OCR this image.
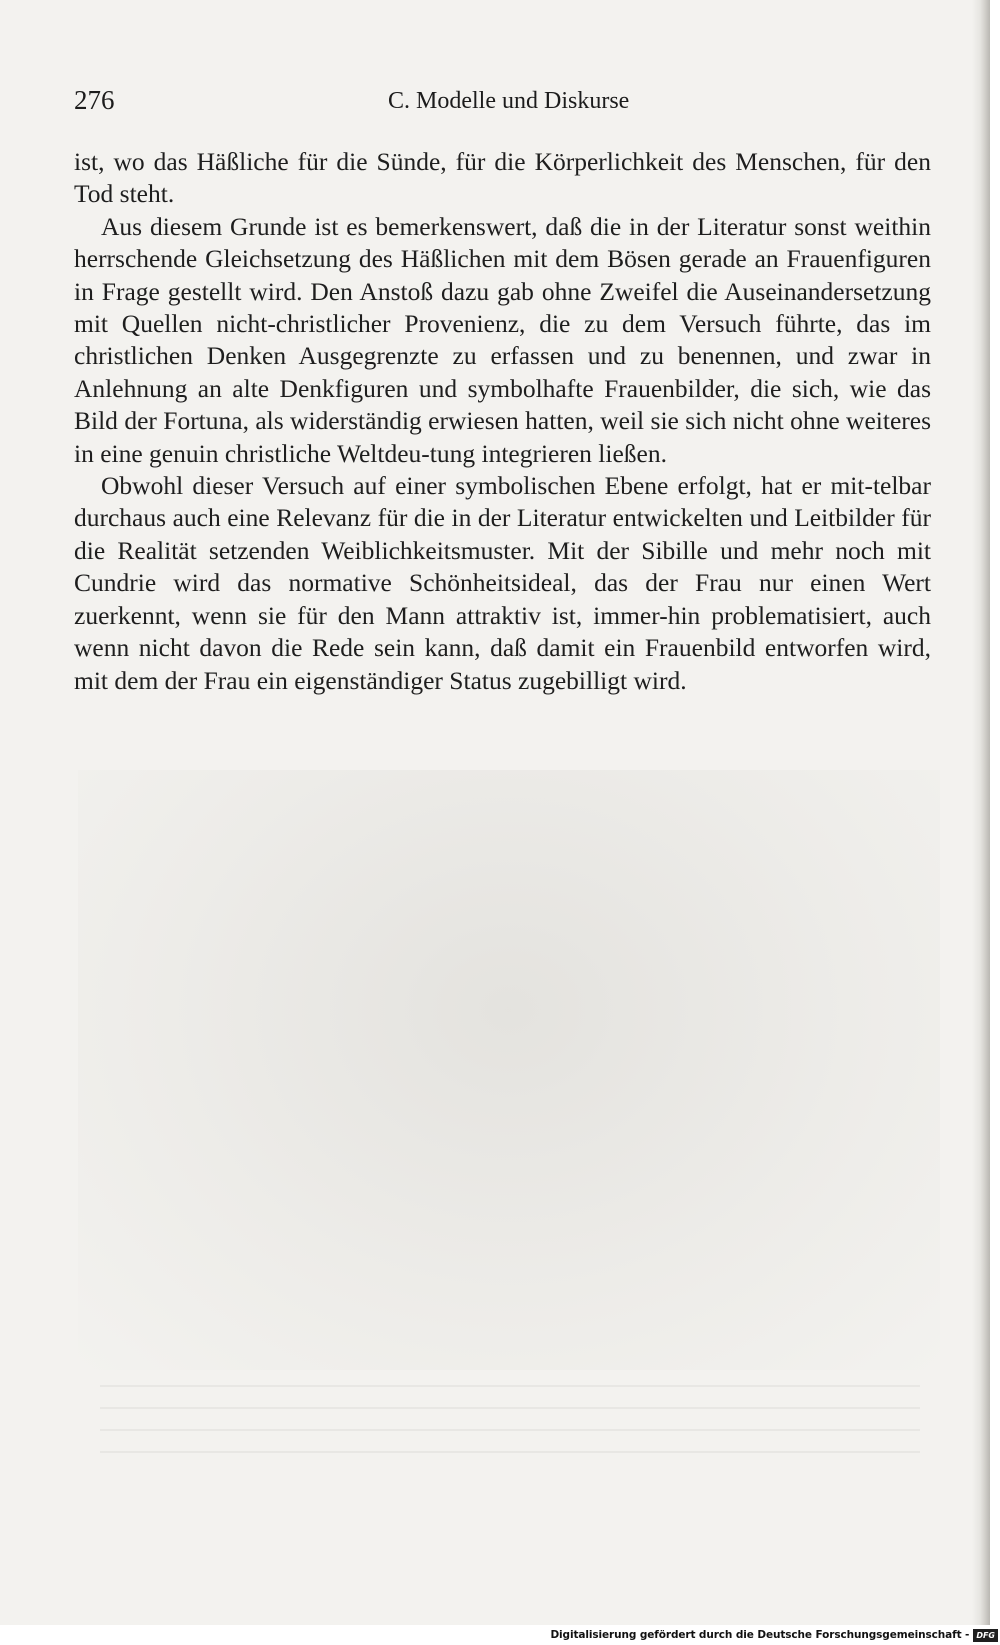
276	C. Modelle und Diskurse

ist, wo das Häßliche für die Sünde, für die Körperlichkeit des Menschen, für den Tod steht.

Aus diesem Grunde ist es bemerkenswert, daß die in der Literatur sonst weithin herrschende Gleichsetzung des Häßlichen mit dem Bösen gerade an Frauenfiguren in Frage gestellt wird. Den Anstoß dazu gab ohne Zweifel die Auseinandersetzung mit Quellen nicht-christlicher Provenienz, die zu dem Versuch führte, das im christlichen Denken Ausgegrenzte zu erfassen und zu benennen, und zwar in Anlehnung an alte Denkfiguren und symbolhafte Frauenbilder, die sich, wie das Bild der Fortuna, als widerständig erwiesen hatten, weil sie sich nicht ohne weiteres in eine genuin christliche Weltdeu-tung integrieren ließen.

Obwohl dieser Versuch auf einer symbolischen Ebene erfolgt, hat er mit-telbar durchaus auch eine Relevanz für die in der Literatur entwickelten und Leitbilder für die Realität setzenden Weiblichkeitsmuster. Mit der Sibille und mehr noch mit Cundrie wird das normative Schönheitsideal, das der Frau nur einen Wert zuerkennt, wenn sie für den Mann attraktiv ist, immer-hin problematisiert, auch wenn nicht davon die Rede sein kann, daß damit ein Frauenbild entworfen wird, mit dem der Frau ein eigenständiger Status zugebilligt wird.

Digitalisierung gefördert durch die Deutsche Forschungsgemeinschaft - DFG
